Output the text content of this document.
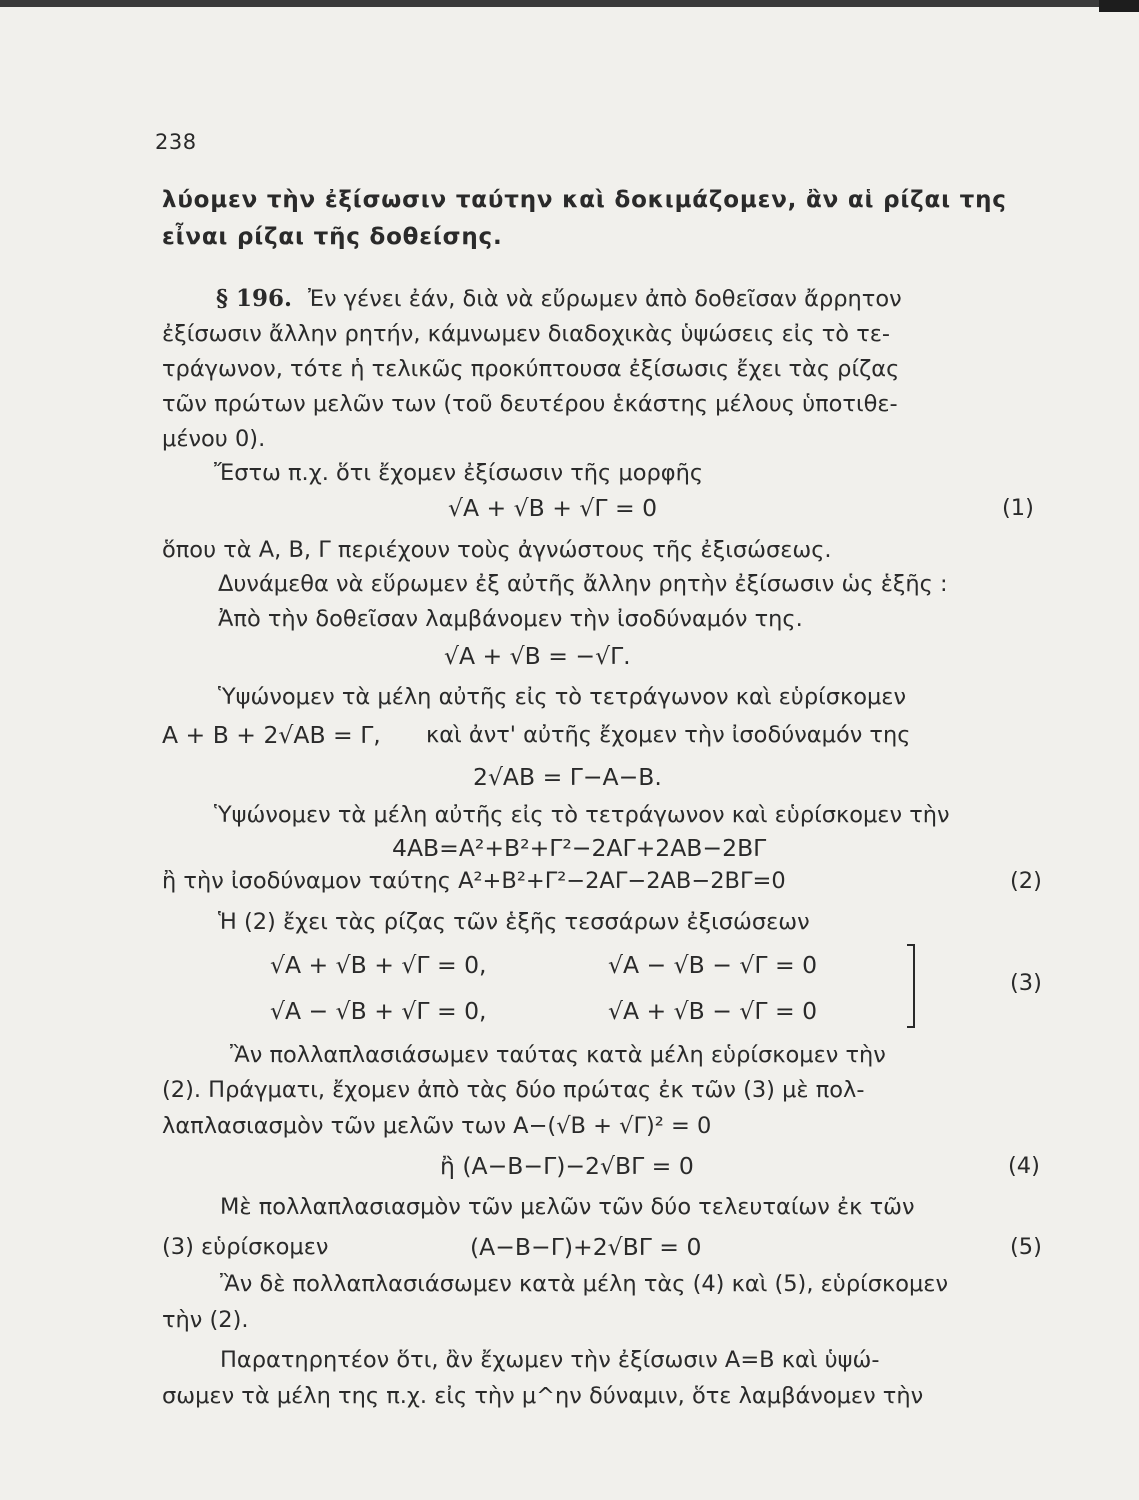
238
λύομεν τὴν ἐξίσωσιν ταύτην καὶ δοκιμάζομεν, ἂν αἱ ρίζαι της
εἶναι ρίζαι τῆς δοθείσης.
§ 196. Ἐν γένει ἐάν, διὰ νὰ εὔρωμεν ἀπὸ δοθεῖσαν ἄρρητον
ἐξίσωσιν ἄλλην ρητήν, κάμνωμεν διαδοχικὰς ὑψώσεις εἰς τὸ τε-
τράγωνον, τότε ἡ τελικῶς προκύπτουσα ἐξίσωσις ἔχει τὰς ρίζας
τῶν πρώτων μελῶν των (τοῦ δευτέρου ἑκάστης μέλους ὑποτιθε-
μένου 0).
Ἔστω π.χ. ὅτι ἔχομεν ἐξίσωσιν τῆς μορφῆς
√A + √B + √Γ = 0	(1)
ὅπου τὰ Α, Β, Γ περιέχουν τοὺς ἀγνώστους τῆς ἐξισώσεως.
Δυνάμεθα νὰ εὕρωμεν ἐξ αὐτῆς ἄλλην ρητὴν ἐξίσωσιν ὡς ἑξῆς :
Ἀπὸ τὴν δοθεῖσαν λαμβάνομεν τὴν ἰσοδύναμόν της.
√A + √B = −√Γ.
Ὑψώνομεν τὰ μέλη αὐτῆς εἰς τὸ τετράγωνον καὶ εὑρίσκομεν
A + B + 2√AB = Γ, καὶ ἀντ' αὐτῆς ἔχομεν τὴν ἰσοδύναμόν της
2√AB = Γ−A−B.
Ὑψώνομεν τὰ μέλη αὐτῆς εἰς τὸ τετράγωνον καὶ εὑρίσκομεν τὴν
4AB=A²+B²+Γ²−2AΓ+2AB−2BΓ
ἢ τὴν ἰσοδύναμον ταύτης A²+B²+Γ²−2AΓ−2AB−2BΓ=0	(2)
Ἡ (2) ἔχει τὰς ρίζας τῶν ἑξῆς τεσσάρων ἐξισώσεων
√A + √B + √Γ = 0,	√A − √B − √Γ = 0
√A − √B + √Γ = 0,	√A + √B − √Γ = 0
(3)
Ἂν πολλαπλασιάσωμεν ταύτας κατὰ μέλη εὑρίσκομεν τὴν
(2). Πράγματι, ἔχομεν ἀπὸ τὰς δύο πρώτας ἐκ τῶν (3) μὲ πολ-
λαπλασιασμὸν τῶν μελῶν των A−(√B + √Γ)² = 0
ἢ (A−B−Γ)−2√BΓ = 0	(4)
Μὲ πολλαπλασιασμὸν τῶν μελῶν τῶν δύο τελευταίων ἐκ τῶν
(3) εὑρίσκομεν	(A−B−Γ)+2√BΓ = 0	(5)
Ἂν δὲ πολλαπλασιάσωμεν κατὰ μέλη τὰς (4) καὶ (5), εὑρίσκομεν
τὴν (2).
Παρατηρητέον ὅτι, ἂν ἔχωμεν τὴν ἐξίσωσιν A=B καὶ ὑψώ-
σωμεν τὰ μέλη της π.χ. εἰς τὴν μ^ην δύναμιν, ὅτε λαμβάνομεν τὴν
